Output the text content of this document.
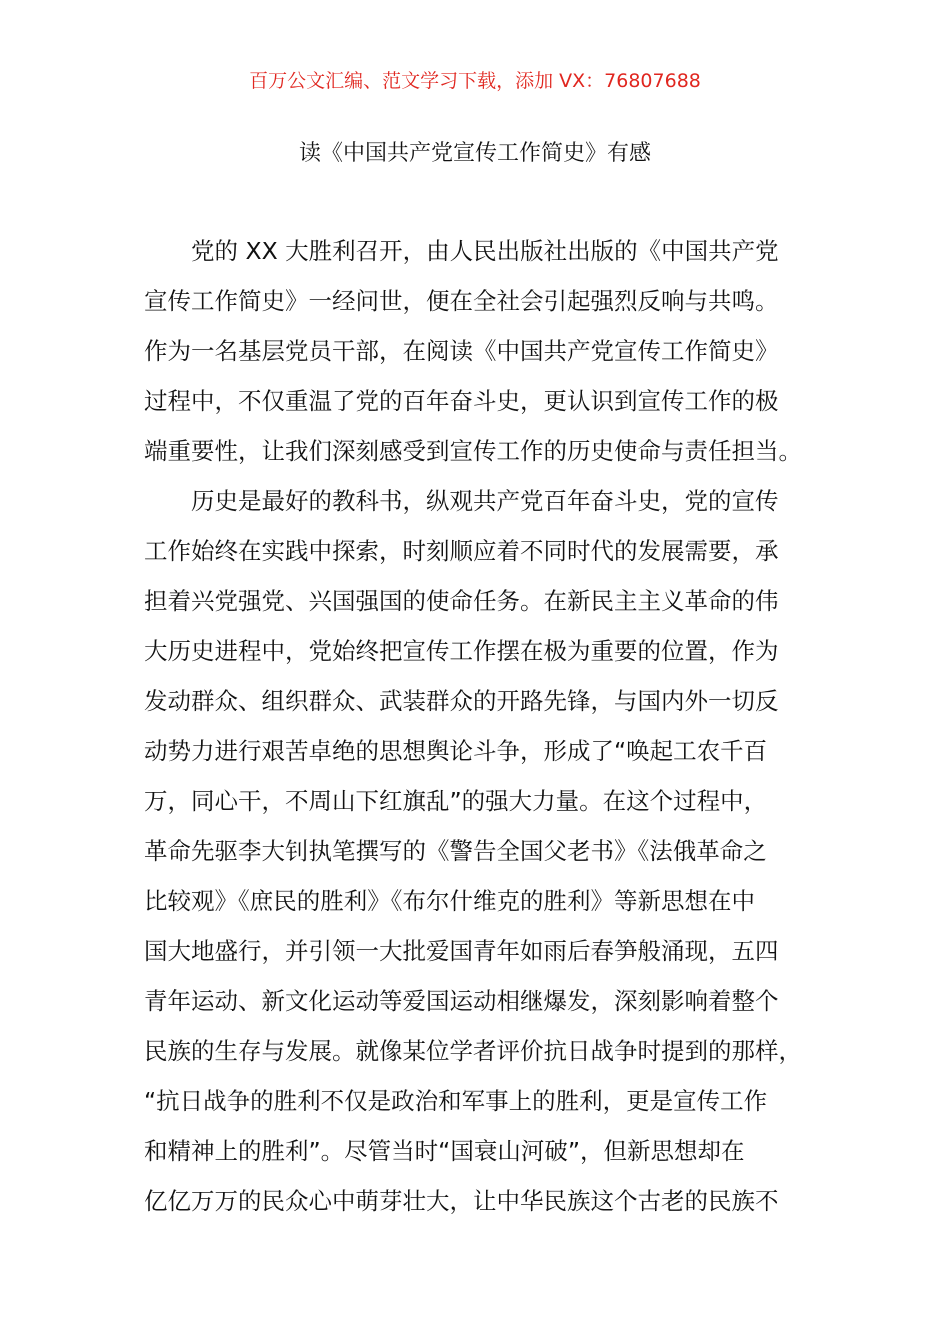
百万公文汇编、范文学习下载，添加 VX：76807688
读《中国共产党宣传工作简史》有感
党的 XX 大胜利召开，由人民出版社出版的《中国共产党
宣传工作简史》一经问世，便在全社会引起强烈反响与共鸣。
作为一名基层党员干部，在阅读《中国共产党宣传工作简史》
过程中，不仅重温了党的百年奋斗史，更认识到宣传工作的极
端重要性，让我们深刻感受到宣传工作的历史使命与责任担当。
历史是最好的教科书，纵观共产党百年奋斗史，党的宣传
工作始终在实践中探索，时刻顺应着不同时代的发展需要，承
担着兴党强党、兴国强国的使命任务。在新民主主义革命的伟
大历史进程中，党始终把宣传工作摆在极为重要的位置，作为
发动群众、组织群众、武装群众的开路先锋，与国内外一切反
动势力进行艰苦卓绝的思想舆论斗争，形成了“唤起工农千百
万，同心干，不周山下红旗乱”的强大力量。在这个过程中，
革命先驱李大钊执笔撰写的《警告全国父老书》《法俄革命之
比较观》《庶民的胜利》《布尔什维克的胜利》等新思想在中
国大地盛行，并引领一大批爱国青年如雨后春笋般涌现，五四
青年运动、新文化运动等爱国运动相继爆发，深刻影响着整个
民族的生存与发展。就像某位学者评价抗日战争时提到的那样，
“抗日战争的胜利不仅是政治和军事上的胜利，更是宣传工作
和精神上的胜利”。尽管当时“国衰山河破”，但新思想却在
亿亿万万的民众心中萌芽壮大，让中华民族这个古老的民族不
